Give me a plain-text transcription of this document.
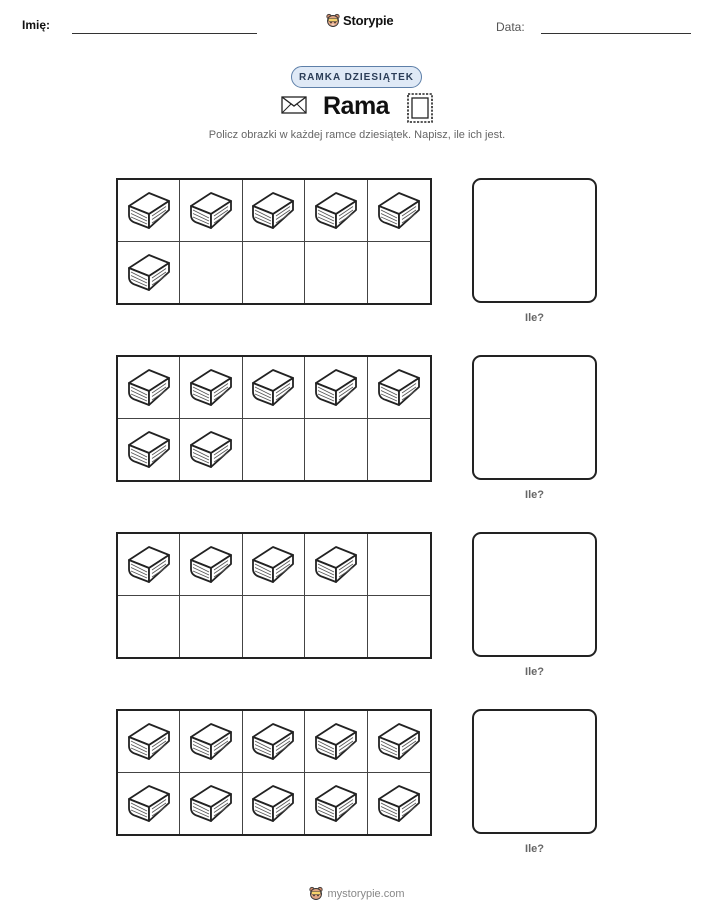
Imię:	Storypie	Data:
RAMKA DZIESIĄTEK
Rama
Policz obrazki w każdej ramce dziesiątek. Napisz, ile ich jest.
Ile?
Ile?
Ile?
Ile?
mystorypie.com
